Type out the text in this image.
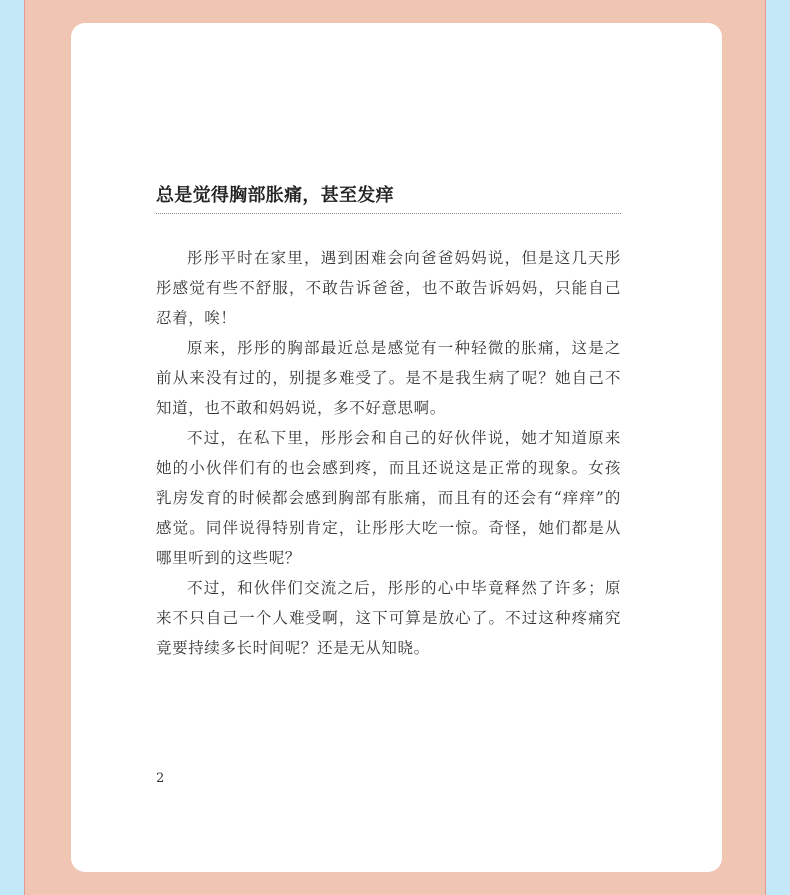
总是觉得胸部胀痛，甚至发痒

彤彤平时在家里，遇到困难会向爸爸妈妈说，但是这几天彤彤感觉有些不舒服，不敢告诉爸爸，也不敢告诉妈妈，只能自己忍着，唉！

原来，彤彤的胸部最近总是感觉有一种轻微的胀痛，这是之前从来没有过的，别提多难受了。是不是我生病了呢？她自己不知道，也不敢和妈妈说，多不好意思啊。

不过，在私下里，彤彤会和自己的好伙伴说，她才知道原来她的小伙伴们有的也会感到疼，而且还说这是正常的现象。女孩乳房发育的时候都会感到胸部有胀痛，而且有的还会有“痒痒”的感觉。同伴说得特别肯定，让彤彤大吃一惊。奇怪，她们都是从哪里听到的这些呢？

不过，和伙伴们交流之后，彤彤的心中毕竟释然了许多；原来不只自己一个人难受啊，这下可算是放心了。不过这种疼痛究竟要持续多长时间呢？还是无从知晓。

2
